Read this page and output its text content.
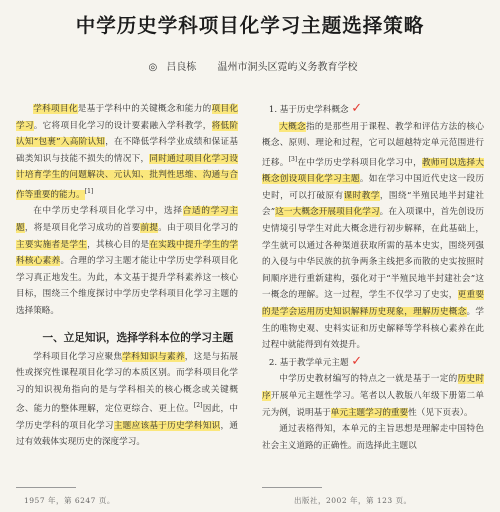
中学历史学科项目化学习主题选择策略
◎ 吕良栋 温州市洞头区霓屿义务教育学校

学科项目化是基于学科中的关键概念和能力的项目化学习。它将项目化学习的设计要素融入学科教学，将低阶认知“包裹”入高阶认知，在不降低学科学业成绩和保证基础类知识与技能不损失的情况下，同时通过项目化学习设计培育学生的问题解决、元认知、批判性思维、沟通与合作等重要的能力。[1]

在中学历史学科项目化学习中，选择合适的学习主题，将是项目化学习成功的首要前提。由于项目化学习的主要实施者是学生，其核心目的是在实践中提升学生的学科核心素养。合理的学习主题才能让中学历史学科项目化学习真正地发生。为此，本文基于提升学科素养这一核心目标，围绕三个维度探讨中学历史学科项目化学习主题的选择策略。

一、立足知识，选择学科本位的学习主题

学科项目化学习应聚焦学科知识与素养，这是与拓展性或探究性课程项目化学习的本质区别。而学科项目化学习的知识视角指向的是与学科相关的核心概念或关键概念、能力的整体理解，定位更综合、更上位。[2]因此，中学历史学科的项目化学习主题应该基于历史学科知识，通过有效载体实现历史的深度学习。

1. 基于历史学科概念 ✓

大概念指的是那些用于课程、教学和评估方法的核心概念、原则、理论和过程，它可以超越特定单元范围进行迁移。[3]在中学历史学科项目化学习中，教师可以选择大概念创设项目化学习主题。如在学习中国近代史这一段历史时，可以打破原有课时教学，围绕“半殖民地半封建社会”这一大概念开展项目化学习。在入项课中，首先创设历史情境引导学生对此大概念进行初步解释，在此基础上，学生就可以通过各种渠道获取所需的基本史实，围绕列强的入侵与中华民族的抗争两条主线把多而散的史实按照时间顺序进行重新建构，强化对于“半殖民地半封建社会”这一概念的理解。这一过程，学生不仅学习了史实，更重要的是学会运用历史知识解释历史现象，理解历史概念。学生的唯物史观、史料实证和历史解释等学科核心素养在此过程中就能得到有效提升。

2. 基于教学单元主题 ✓

中学历史教材编写的特点之一就是基于一定的历史时序开展单元主题性学习。笔者以人教版八年级下册第二单元为例，说明基于单元主题学习的重要性（见下页表）。

通过表格得知，本单元的主旨思想是理解走中国特色社会主义道路的正确性。而选择此主题以

1957 年，第 6247 页。	出版社，2002 年，第 123 页。
